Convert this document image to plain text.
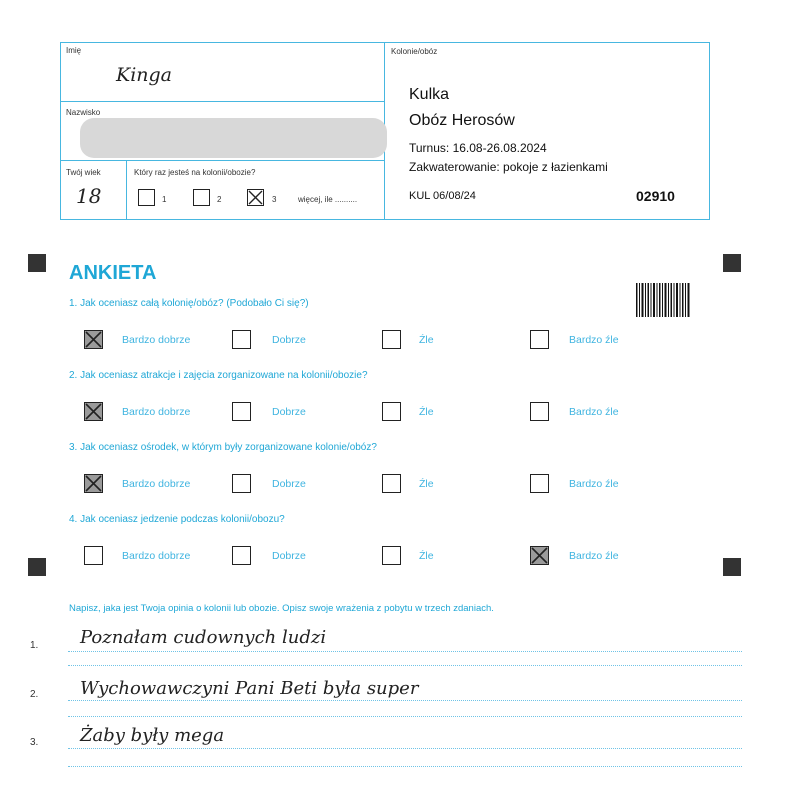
Imię
Kinga
Nazwisko
Twój wiek
18
Który raz jesteś na kolonii/obozie?
1	2	3	więcej, ile ..........
Kolonie/obóz
Kulka
Obóz Herosów
Turnus: 16.08-26.08.2024
Zakwaterowanie: pokoje z łazienkami
KUL 06/08/24	02910
ANKIETA
1. Jak oceniasz całą kolonię/obóz? (Podobało Ci się?)
Bardzo dobrze	Dobrze	Źle	Bardzo źle
2. Jak oceniasz atrakcje i zajęcia zorganizowane na kolonii/obozie?
Bardzo dobrze	Dobrze	Źle	Bardzo źle
3. Jak oceniasz ośrodek, w którym były zorganizowane kolonie/obóz?
Bardzo dobrze	Dobrze	Źle	Bardzo źle
4. Jak oceniasz jedzenie podczas kolonii/obozu?
Bardzo dobrze	Dobrze	Źle	Bardzo źle
Napisz, jaka jest Twoja opinia o kolonii lub obozie. Opisz swoje wrażenia z pobytu w trzech zdaniach.
1. Poznałam cudownych ludzi
2. Wychowawczyni Pani Beti była super
3. Żaby były mega
